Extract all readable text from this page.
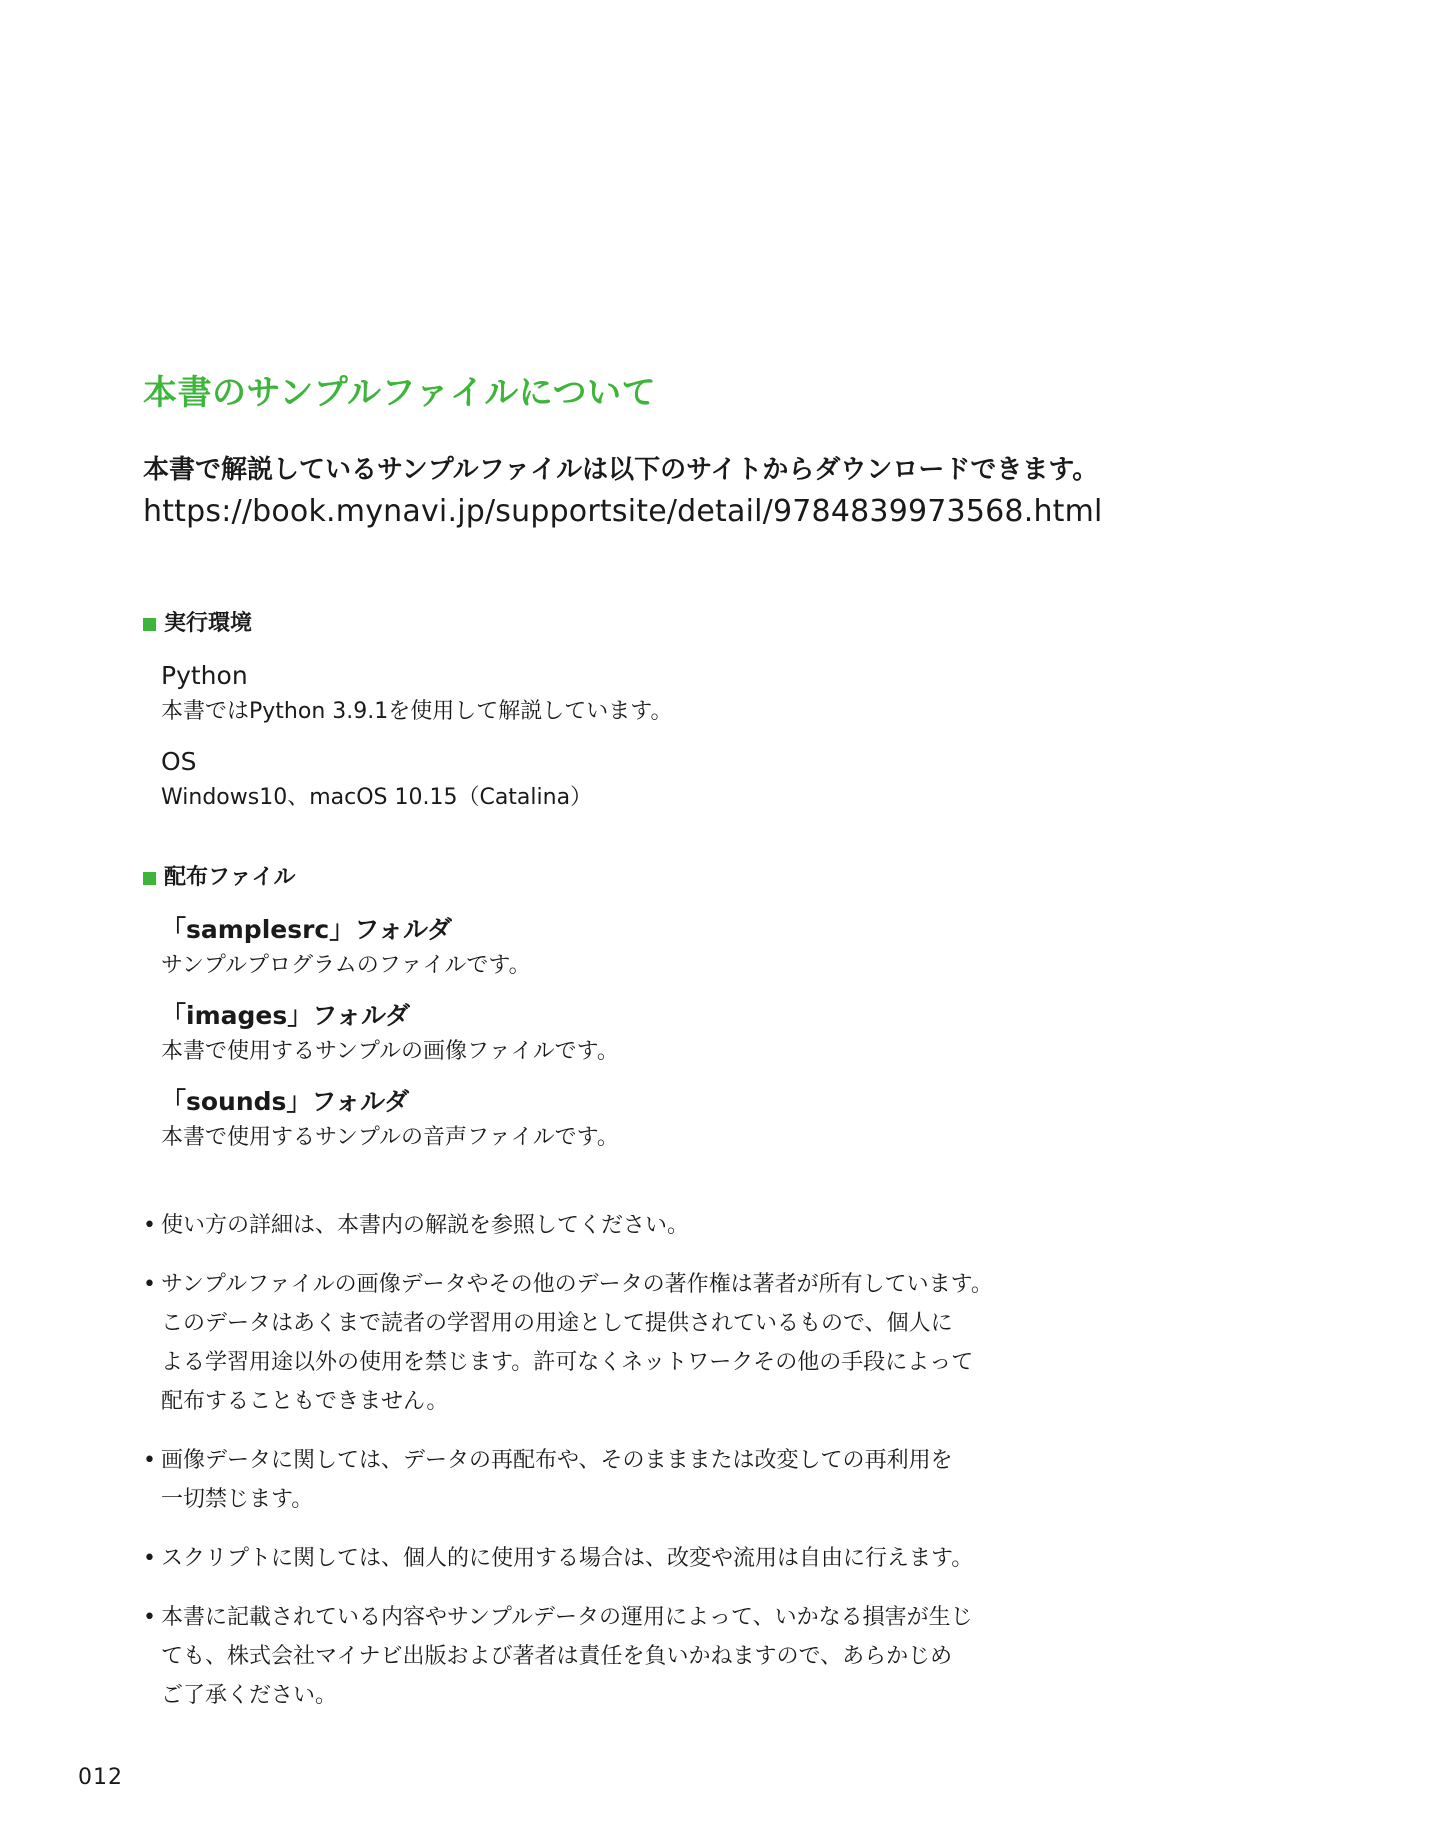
本書のサンプルファイルについて

本書で解説しているサンプルファイルは以下のサイトからダウンロードできます。

https://book.mynavi.jp/supportsite/detail/9784839973568.html

実行環境

Python

本書ではPython 3.9.1を使用して解説しています。

OS

Windows10、macOS 10.15（Catalina）

配布ファイル

「samplesrc」フォルダ

サンプルプログラムのファイルです。

「images」フォルダ

本書で使用するサンプルの画像ファイルです。

「sounds」フォルダ

本書で使用するサンプルの音声ファイルです。

• 使い方の詳細は、本書内の解説を参照してください。
• サンプルファイルの画像データやその他のデータの著作権は著者が所有しています。
このデータはあくまで読者の学習用の用途として提供されているもので、個人に
よる学習用途以外の使用を禁じます。許可なくネットワークその他の手段によって
配布することもできません。
• 画像データに関しては、データの再配布や、そのまままたは改変しての再利用を
一切禁じます。
• スクリプトに関しては、個人的に使用する場合は、改変や流用は自由に行えます。
• 本書に記載されている内容やサンプルデータの運用によって、いかなる損害が生じ
ても、株式会社マイナビ出版および著者は責任を負いかねますので、あらかじめ
ご了承ください。
012
